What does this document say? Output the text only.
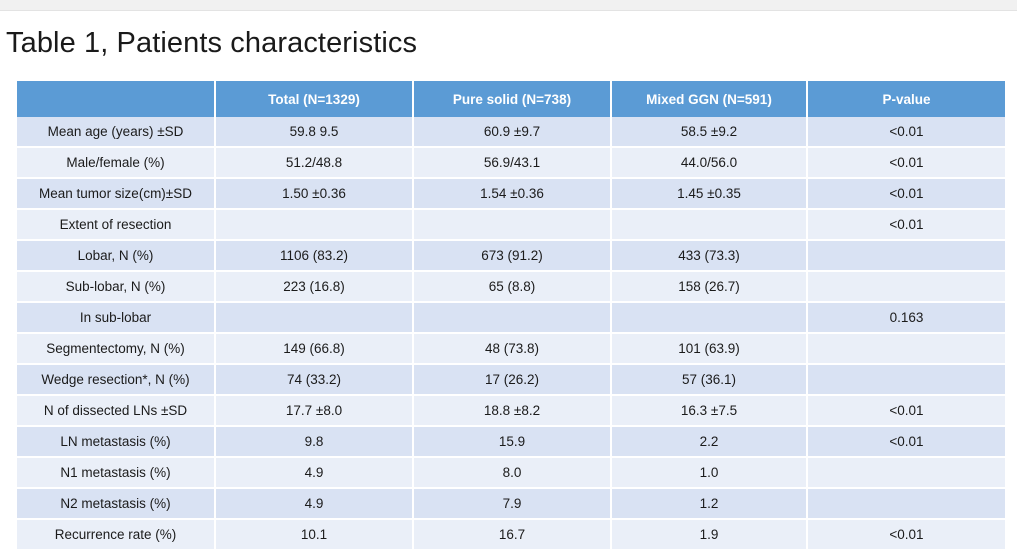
Table 1, Patients characteristics
	Total (N=1329)	Pure solid (N=738)	Mixed GGN (N=591)	P-value
Mean age (years) ±SD	59.8 9.5	60.9 ±9.7	58.5 ±9.2	<0.01
Male/female (%)	51.2/48.8	56.9/43.1	44.0/56.0	<0.01
Mean tumor size(cm)±SD	1.50 ±0.36	1.54 ±0.36	1.45 ±0.35	<0.01
Extent of resection				<0.01
Lobar, N (%)	1106 (83.2)	673 (91.2)	433 (73.3)	
Sub-lobar, N (%)	223 (16.8)	65 (8.8)	158 (26.7)	
In sub-lobar				0.163
Segmentectomy, N (%)	149 (66.8)	48 (73.8)	101 (63.9)	
Wedge resection*, N (%)	74 (33.2)	17 (26.2)	57 (36.1)	
N of dissected LNs ±SD	17.7 ±8.0	18.8 ±8.2	16.3 ±7.5	<0.01
LN metastasis (%)	9.8	15.9	2.2	<0.01
N1 metastasis (%)	4.9	8.0	1.0	
N2 metastasis (%)	4.9	7.9	1.2	
Recurrence rate (%)	10.1	16.7	1.9	<0.01
